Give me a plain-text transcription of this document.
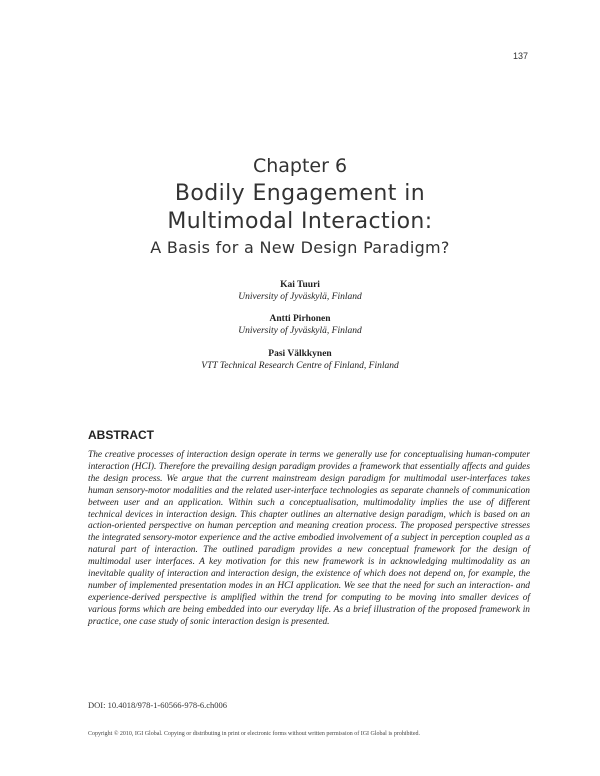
137
Chapter 6
Bodily Engagement in
Multimodal Interaction:
A Basis for a New Design Paradigm?
Kai Tuuri
University of Jyväskylä, Finland
Antti Pirhonen
University of Jyväskylä, Finland
Pasi Välkkynen
VTT Technical Research Centre of Finland, Finland
ABSTRACT

The creative processes of interaction design operate in terms we generally use for conceptualising human-computer interaction (HCI). Therefore the prevailing design paradigm provides a framework that essentially affects and guides the design process. We argue that the current mainstream design paradigm for multimodal user-interfaces takes human sensory-motor modalities and the related user-interface technologies as separate channels of communication between user and an application. Within such a conceptualisation, multimodality implies the use of different technical devices in interaction design. This chapter outlines an alternative design paradigm, which is based on an action-oriented perspective on human perception and meaning creation process. The proposed perspective stresses the integrated sensory-motor experience and the active embodied involvement of a subject in perception coupled as a natural part of interaction. The outlined paradigm provides a new conceptual framework for the design of multimodal user interfaces. A key motivation for this new framework is in acknowledging multimodality as an inevitable quality of interaction and interaction design, the existence of which does not depend on, for example, the number of implemented presentation modes in an HCI application. We see that the need for such an interaction- and experience-derived perspective is amplified within the trend for computing to be moving into smaller devices of various forms which are being embedded into our everyday life. As a brief illustration of the proposed framework in practice, one case study of sonic interaction design is presented.

DOI: 10.4018/978-1-60566-978-6.ch006
Copyright © 2010, IGI Global. Copying or distributing in print or electronic forms without written permission of IGI Global is prohibited.
